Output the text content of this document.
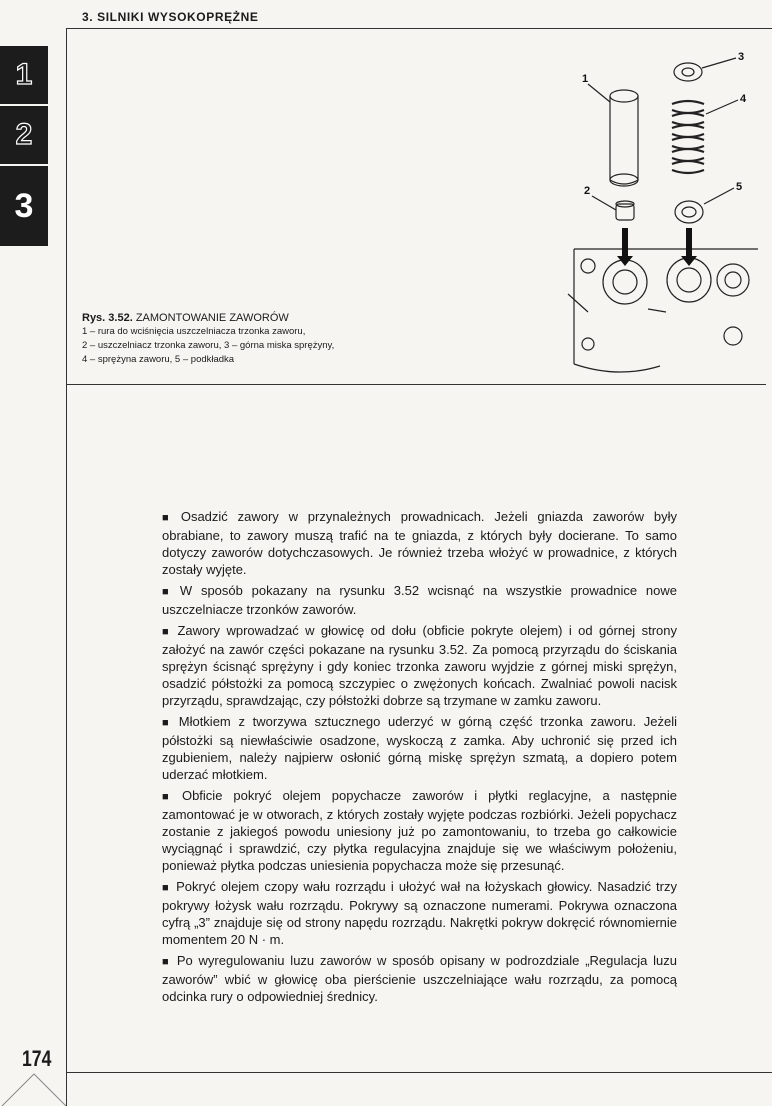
3. SILNIKI WYSOKOPRĘŻNE
1
2
3
1
2
3
4
5
Rys. 3.52. ZAMONTOWANIE ZAWORÓW
1 – rura do wciśnięcia uszczelniacza trzonka zaworu,
2 – uszczelniacz trzonka zaworu, 3 – górna miska sprężyny,
4 – sprężyna zaworu, 5 – podkładka

■ Osadzić zawory w przynależnych prowadnicach. Jeżeli gniazda zaworów były obrabiane, to zawory muszą trafić na te gniazda, z których były docierane. To samo dotyczy zaworów dotychczasowych. Je również trzeba włożyć w prowadnice, z których zostały wyjęte.

■ W sposób pokazany na rysunku 3.52 wcisnąć na wszystkie prowadnice nowe uszczelniacze trzonków zaworów.

■ Zawory wprowadzać w głowicę od dołu (obficie pokryte olejem) i od górnej strony założyć na zawór części pokazane na rysunku 3.52. Za pomocą przyrządu do ściskania sprężyn ścisnąć sprężyny i gdy koniec trzonka zaworu wyjdzie z górnej miski sprężyn, osadzić półstożki za pomocą szczypiec o zwężonych końcach. Zwalniać powoli nacisk przyrządu, sprawdzając, czy półstożki dobrze są trzymane w zamku zaworu.

■ Młotkiem z tworzywa sztucznego uderzyć w górną część trzonka zaworu. Jeżeli półstożki są niewłaściwie osadzone, wyskoczą z zamka. Aby uchronić się przed ich zgubieniem, należy najpierw osłonić górną miskę sprężyn szmatą, a dopiero potem uderzać młotkiem.

■ Obficie pokryć olejem popychacze zaworów i płytki reglacyjne, a następnie zamontować je w otworach, z których zostały wyjęte podczas rozbiórki. Jeżeli popychacz zostanie z jakiegoś powodu uniesiony już po zamontowaniu, to trzeba go całkowicie wyciągnąć i sprawdzić, czy płytka regulacyjna znajduje się we właściwym położeniu, ponieważ płytka podczas uniesienia popychacza może się przesunąć.

■ Pokryć olejem czopy wału rozrządu i ułożyć wał na łożyskach głowicy. Nasadzić trzy pokrywy łożysk wału rozrządu. Pokrywy są oznaczone numerami. Pokrywa oznaczona cyfrą „3” znajduje się od strony napędu rozrządu. Nakrętki pokryw dokręcić równomiernie momentem 20 N · m.

■ Po wyregulowaniu luzu zaworów w sposób opisany w podrozdziale „Regulacja luzu zaworów” wbić w głowicę oba pierścienie uszczelniające wału rozrządu, za pomocą odcinka rury o odpowiedniej średnicy.

174
